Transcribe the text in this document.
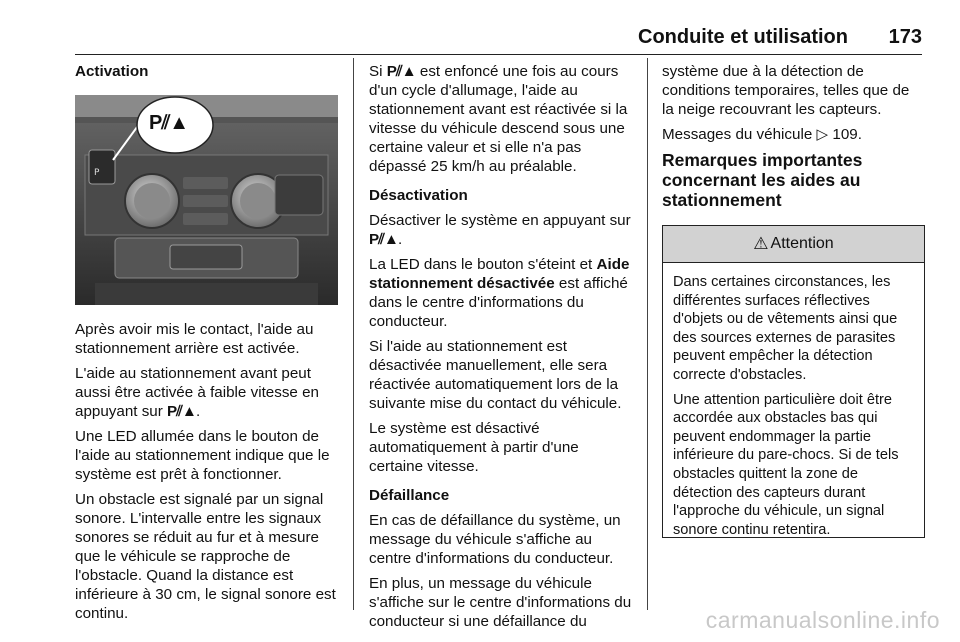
Conduite et utilisation 173

Activation

P
P⫽▲

Après avoir mis le contact, l'aide au stationnement arrière est activée.

L'aide au stationnement avant peut aussi être activée à faible vitesse en appuyant sur P⫽▲.

Une LED allumée dans le bouton de l'aide au stationnement indique que le système est prêt à fonctionner.

Un obstacle est signalé par un signal sonore. L'intervalle entre les signaux sonores se réduit au fur et à mesure que le véhicule se rapproche de l'obstacle. Quand la distance est inférieure à 30 cm, le signal sonore est continu.

Si P⫽▲ est enfoncé une fois au cours d'un cycle d'allumage, l'aide au stationnement avant est réactivée si la vitesse du véhicule descend sous une certaine valeur et si elle n'a pas dépassé 25 km/h au préalable.

Désactivation

Désactiver le système en appuyant sur P⫽▲.

La LED dans le bouton s'éteint et Aide stationnement désactivée est affiché dans le centre d'informations du conducteur.

Si l'aide au stationnement est désactivée manuellement, elle sera réactivée automatiquement lors de la suivante mise du contact du véhicule.

Le système est désactivé automatiquement à partir d'une certaine vitesse.

Défaillance

En cas de défaillance du système, un message du véhicule s'affiche au centre d'informations du conducteur.

En plus, un message du véhicule s'affiche sur le centre d'informations du conducteur si une défaillance du

système due à la détection de conditions temporaires, telles que de la neige recouvrant les capteurs.

Messages du véhicule ▷ 109.

Remarques importantes concernant les aides au stationnement

⚠ Attention

Dans certaines circonstances, les différentes surfaces réflectives d'objets ou de vêtements ainsi que des sources externes de parasites peuvent empêcher la détection correcte d'obstacles.

Une attention particulière doit être accordée aux obstacles bas qui peuvent endommager la partie inférieure du pare-chocs. Si de tels obstacles quittent la zone de détection des capteurs durant l'approche du véhicule, un signal sonore continu retentira.

carmanualsonline.info
